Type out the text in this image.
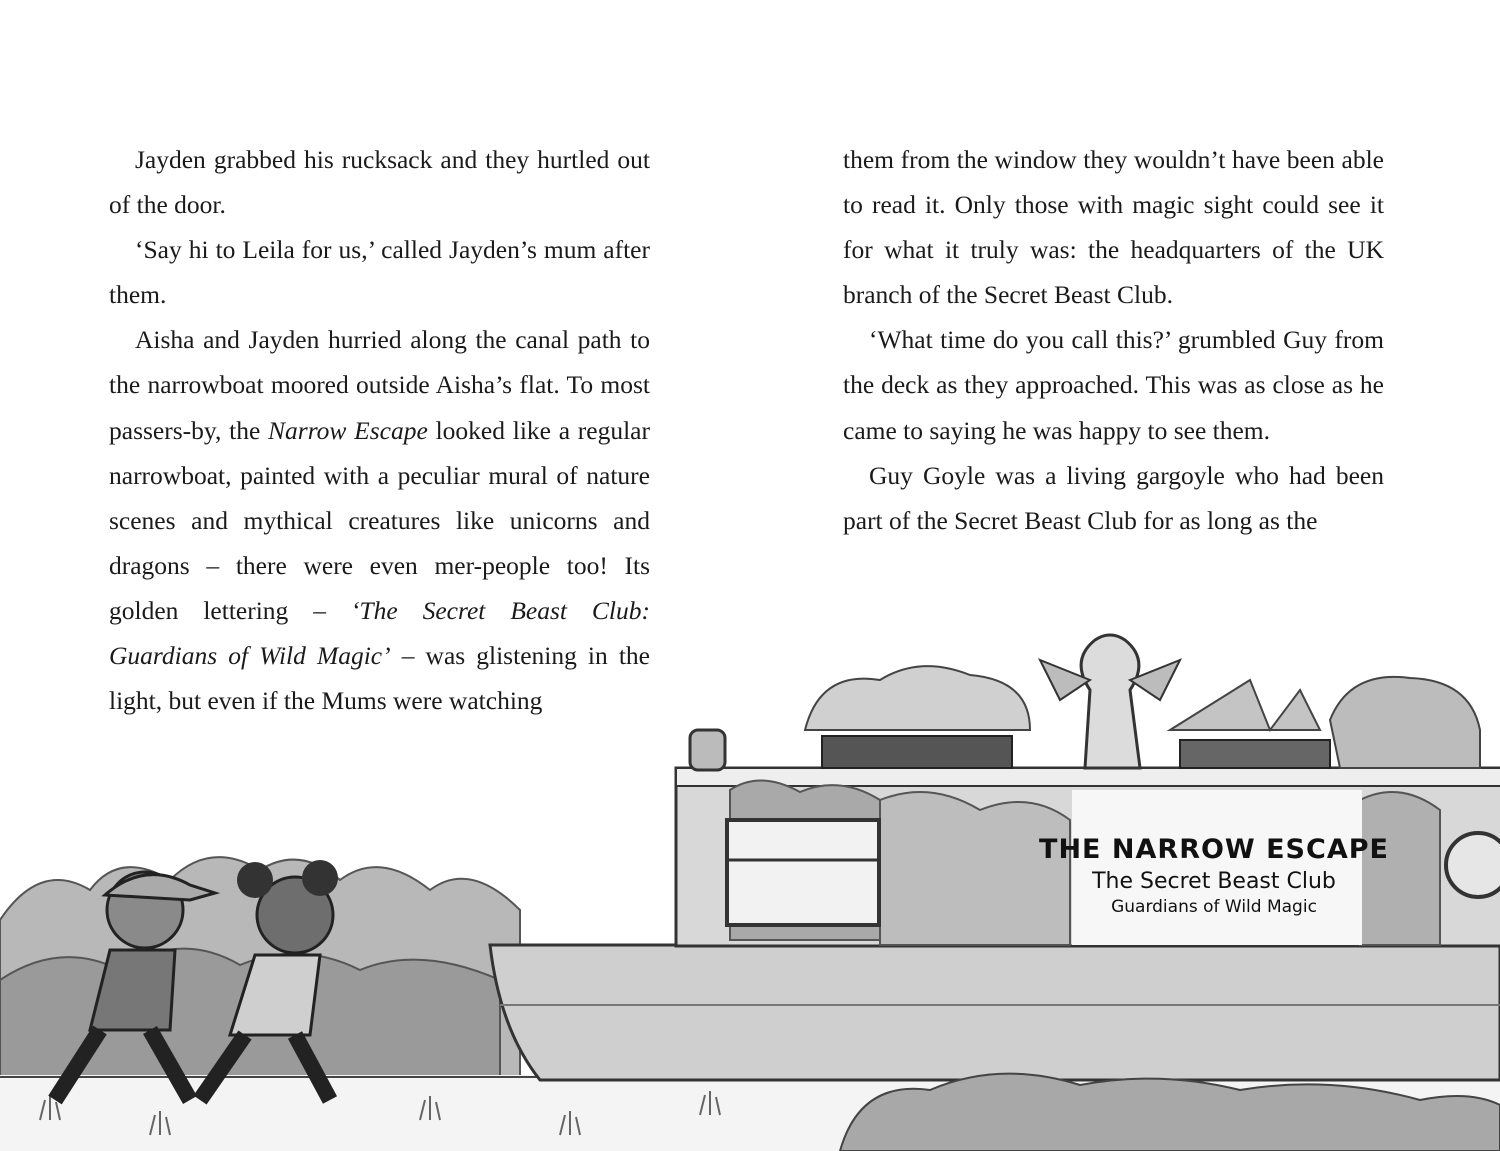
Jayden grabbed his rucksack and they hurtled out of the door.

‘Say hi to Leila for us,’ called Jayden’s mum after them.

Aisha and Jayden hurried along the canal path to the narrowboat moored outside Aisha’s flat. To most passers-by, the Narrow Escape looked like a regular narrowboat, painted with a peculiar mural of nature scenes and mythical creatures like unicorns and dragons – there were even mer-people too! Its golden lettering – ‘The Secret Beast Club: Guardians of Wild Magic’ – was glistening in the light, but even if the Mums were watching

them from the window they wouldn’t have been able to read it. Only those with magic sight could see it for what it truly was: the headquarters of the UK branch of the Secret Beast Club.

‘What time do you call this?’ grumbled Guy from the deck as they approached. This was as close as he came to saying he was happy to see them.

Guy Goyle was a living gargoyle who had been part of the Secret Beast Club for as long as the

THE NARROW ESCAPE
The Secret Beast Club
Guardians of Wild Magic
